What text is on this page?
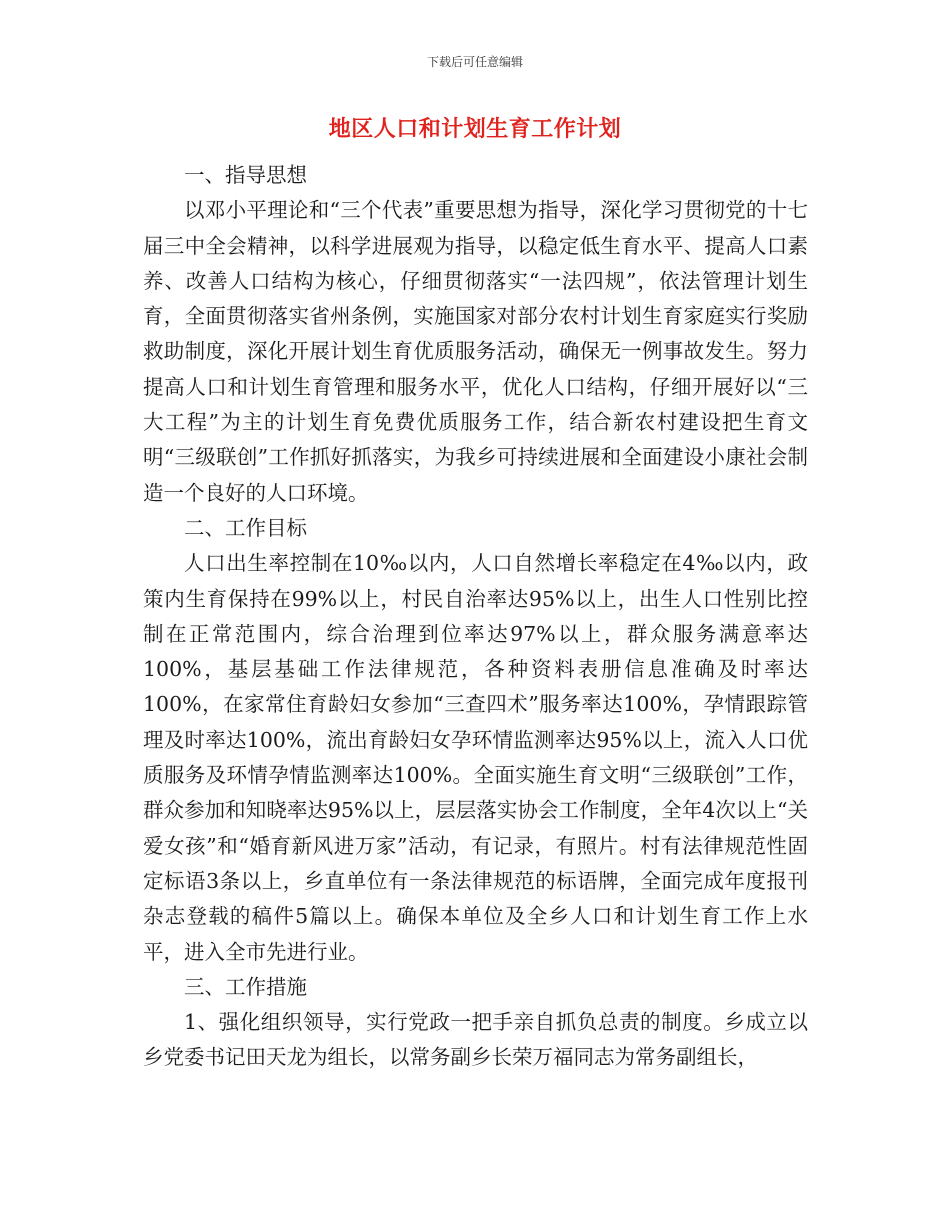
下载后可任意编辑
地区人口和计划生育工作计划

一、指导思想

以邓小平理论和“三个代表”重要思想为指导，深化学习贯彻党的十七届三中全会精神，以科学进展观为指导，以稳定低生育水平、提高人口素养、改善人口结构为核心，仔细贯彻落实“一法四规”，依法管理计划生育，全面贯彻落实省州条例，实施国家对部分农村计划生育家庭实行奖励救助制度，深化开展计划生育优质服务活动，确保无一例事故发生。努力提高人口和计划生育管理和服务水平，优化人口结构，仔细开展好以“三大工程”为主的计划生育免费优质服务工作，结合新农村建设把生育文明“三级联创”工作抓好抓落实，为我乡可持续进展和全面建设小康社会制造一个良好的人口环境。

二、工作目标

人口出生率控制在10‰以内，人口自然增长率稳定在4‰以内，政策内生育保持在99%以上，村民自治率达95%以上，出生人口性别比控制在正常范围内，综合治理到位率达97%以上，群众服务满意率达100%，基层基础工作法律规范，各种资料表册信息准确及时率达100%，在家常住育龄妇女参加“三查四术”服务率达100%，孕情跟踪管理及时率达100%，流出育龄妇女孕环情监测率达95%以上，流入人口优质服务及环情孕情监测率达100%。全面实施生育文明“三级联创”工作，群众参加和知晓率达95%以上，层层落实协会工作制度，全年4次以上“关爱女孩”和“婚育新风进万家”活动，有记录，有照片。村有法律规范性固定标语3条以上，乡直单位有一条法律规范的标语牌，全面完成年度报刊杂志登载的稿件5篇以上。确保本单位及全乡人口和计划生育工作上水平，进入全市先进行业。

三、工作措施

1、强化组织领导，实行党政一把手亲自抓负总责的制度。乡成立以乡党委书记田天龙为组长，以常务副乡长荣万福同志为常务副组长，
